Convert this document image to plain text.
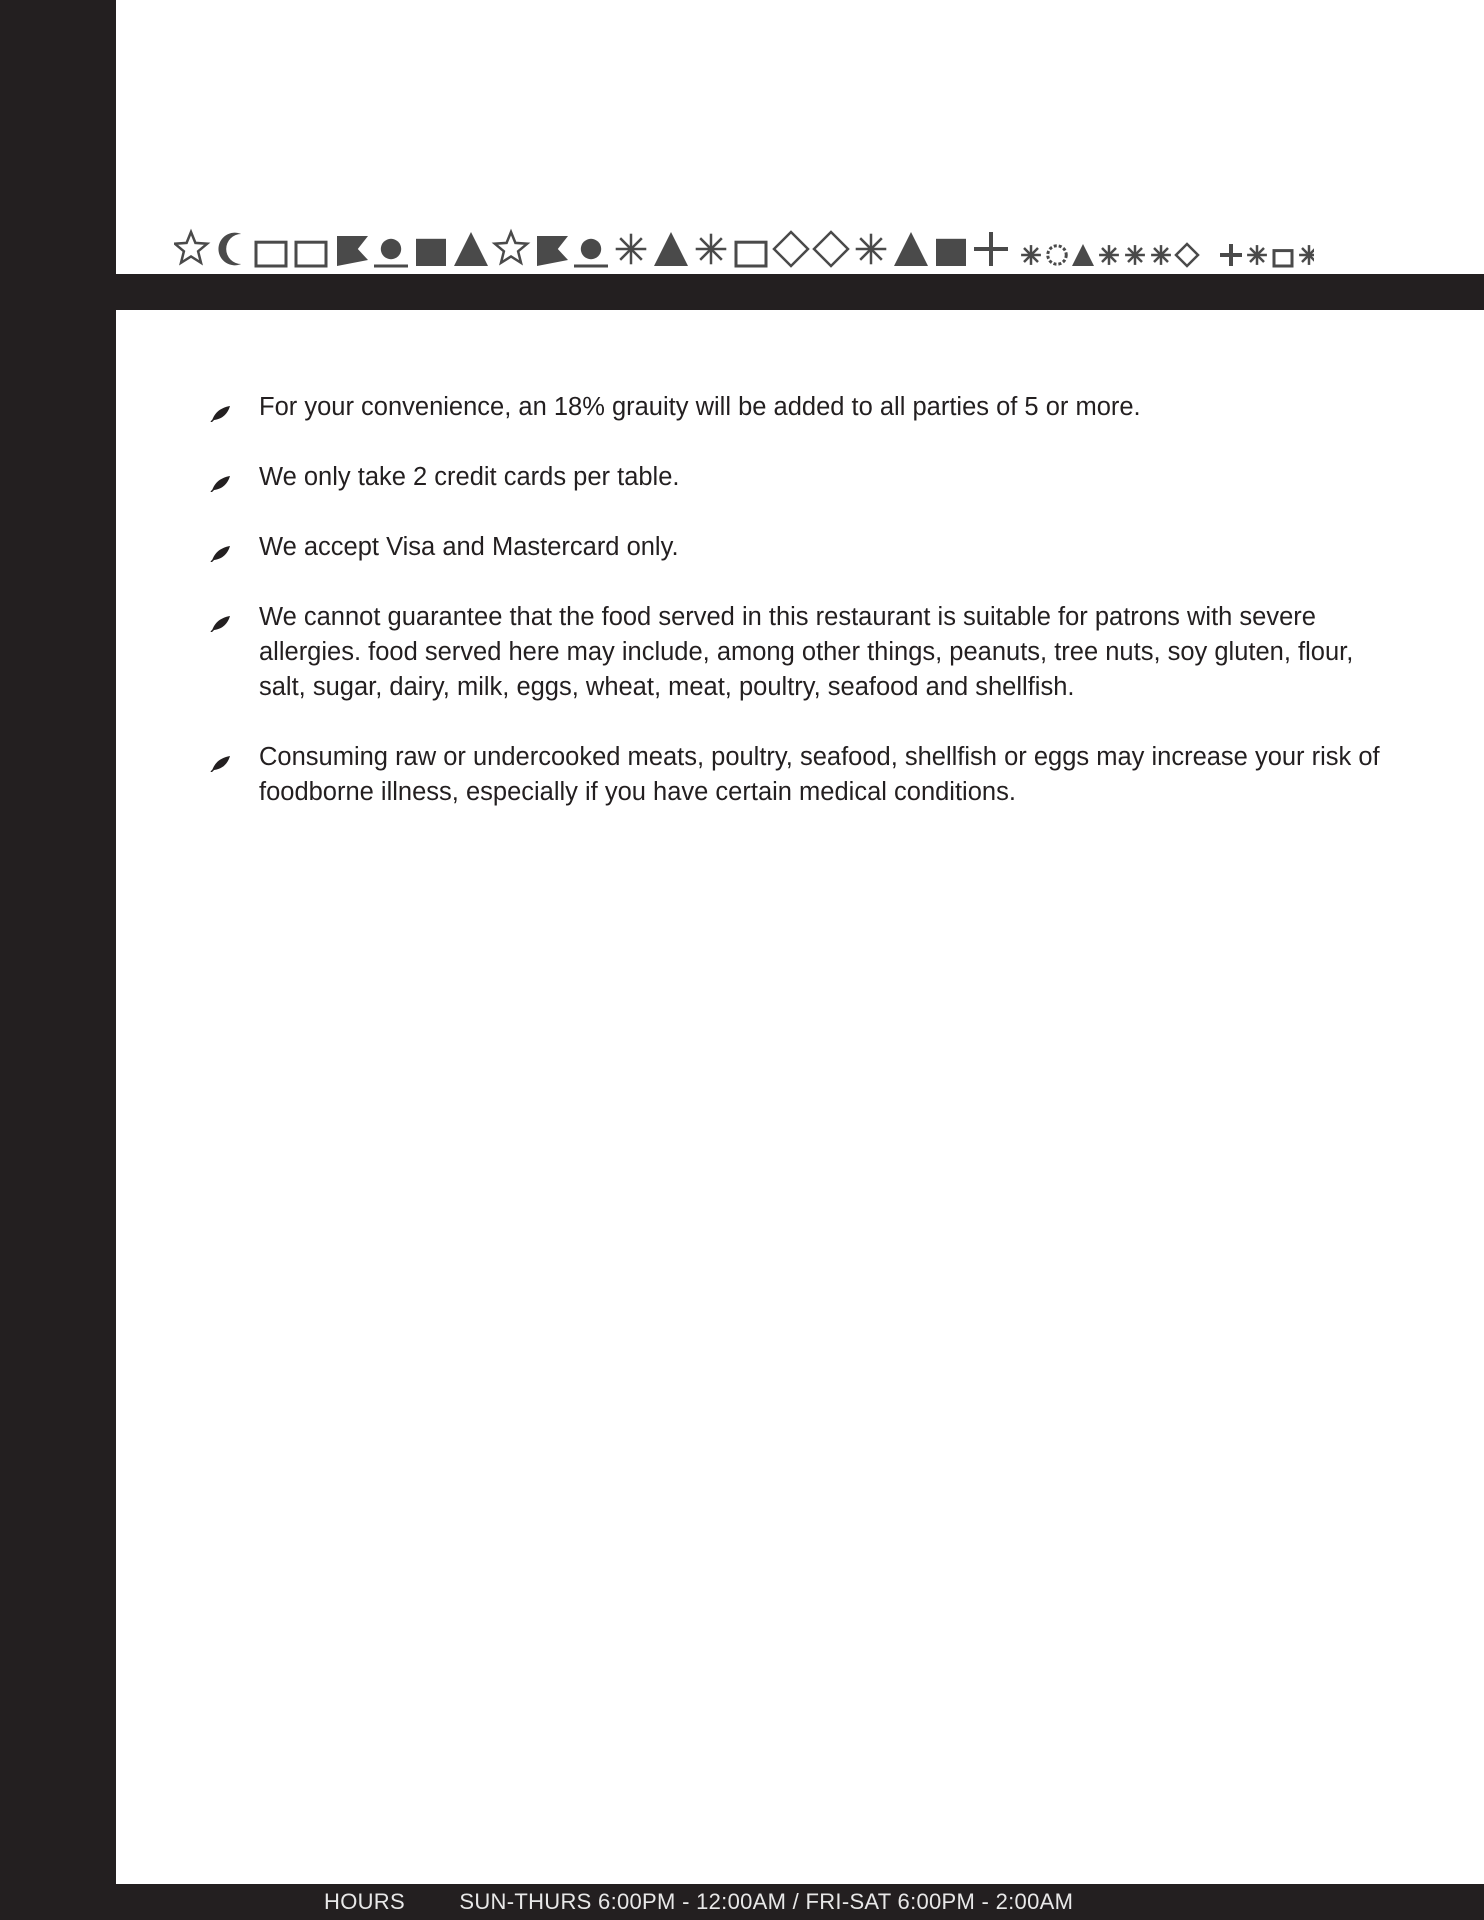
For your convenience, an 18% grauity will be added to all parties of 5 or more.
We only take 2 credit cards per table.
We accept Visa and Mastercard only.
We cannot guarantee that the food served in this restaurant is suitable for patrons with severe allergies. food served here may include, among other things, peanuts, tree nuts, soy gluten, flour, salt, sugar, dairy, milk, eggs, wheat, meat, poultry, seafood and shellfish.
Consuming raw or undercooked meats, poultry, seafood, shellfish or eggs may increase your risk of foodborne illness, especially if you have certain medical conditions.
HOURS SUN-THURS 6:00PM - 12:00AM / FRI-SAT 6:00PM - 2:00AM
